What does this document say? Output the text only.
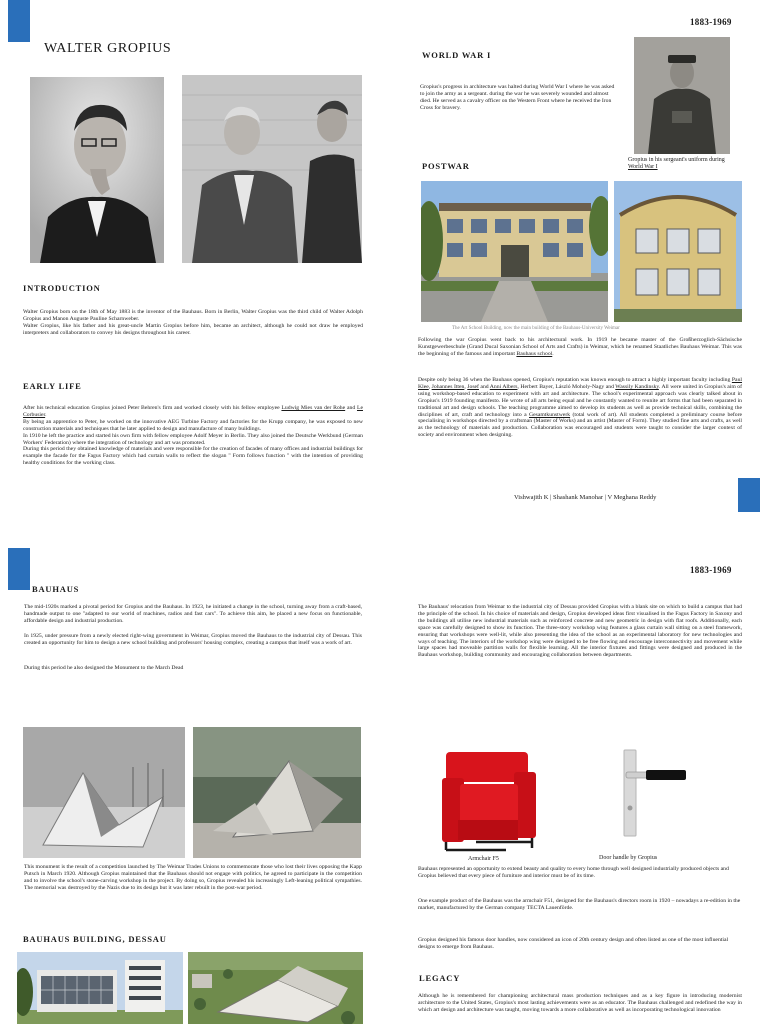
1883-1969
WALTER GROPIUS
INTRODUCTION

Walter Gropius born on the 18th of May 1883 is the inventor of the Bauhaus. Born in Berlin, Walter Gropius was the third child of Walter Adolph Gropius and Manon Auguste Pauline Scharnweber.

Walter Gropius, like his father and his great-uncle Martin Gropius before him, became an architect, although he could not draw he employed interpreters and collaborators to convey his designs throughout his career.

EARLY LIFE

After his technical education Gropius joined Peter Behren's firm and worked closely with his fellow employee Ludwig Mies van der Rohe and Le Corbusier.

By being an apprentice to Peter, he worked on the innovative AEG Turbine Factory and factories for the Krupp company, he was exposed to new construction materials and techniques that he later applied to design and manufacture of many buildings.

In 1910 he left the practice and started his own firm with fellow employee Adolf Meyer in Berlin. They also joined the Deutsche Werkbund (German Workers' Federation) where the integration of technology and art was promoted.

During this period they obtained knowledge of materials and were responsible for the creation of facades of many offices and industrial buildings for example the facade for the Fagus Factory which had curtain walls to reflect the slogan " Form follows function " with the intention of providing healthy conditions for the working class.

WORLD WAR I
Gropius's progress in architecture was halted during World War I where he was asked to join the army as a sergeant. during the war he was severely wounded and almost died. He served as a cavalry officer on the Western Front where he received the Iron Cross for bravery.
Gropius in his sergeant's uniform during
World War I
POSTWAR
The Art School Building, now the main building of the Bauhaus-University Weimar
Following the war Gropius went back to his architectural work. In 1919 he became master of the Großherzoglich-Sächsische Kunstgewerbeschule (Grand Ducal Saxonian School of Arts and Crafts) in Weimar, which he renamed Staatliches Bauhaus Weimar. This was the beginning of the famous and important Bauhaus school.
Despite only being 36 when the Bauhaus opened, Gropius's reputation was known enough to attract a highly important faculty including Paul Klee, Johannes Itten, Josef and Anni Albers, Herbert Bayer, László Moholy-Nagy and Wassily Kandinsky. All were united in Gropius's aim of using workshop-based education to experiment with art and architecture. The school's experimental approach was clearly talked about in Gropius's 1919 founding manifesto. He wrote of all arts being equal and he constantly wanted to reunite art forms that had been separated in traditional art and design schools. The teaching programme aimed to develop its students as well as provide technical skills, combining the disciplines of art, craft and technology into a Gesamtkunstwerk (total work of art). All students completed a preliminary course before specialising in workshops directed by a craftsman (Master of Works) and an artist (Master of Form). They studied fine arts and crafts, as well as the technology of materials and production. Collaboration was encouraged and students were taught to consider the larger context of society and environment when designing.
Vishwajith K | Shashank Manohar | V Meghana Reddy
1883-1969
BAUHAUS

The mid-1920s marked a pivotal period for Gropius and the Bauhaus. In 1923, he initiated a change in the school, turning away from a craft-based, handmade output to one "adapted to our world of machines, radios and fast cars". To achieve this aim, he placed a new focus on functionable, affordable design and industrial production.

In 1925, under pressure from a newly elected right-wing government in Weimar, Gropius moved the Bauhaus to the industrial city of Dessau. This created an opportunity for him to design a new school building and professors' housing complex, creating a campus that itself was a work of art.

During this period he also designed the Monument to the March Dead

This monument is the result of a competition launched by The Weimar Trades Unions to commemorate those who lost their lives opposing the Kapp Putsch in March 1920. Although Gropius maintained that the Bauhaus should not engage with politics, he agreed to participate in the competition and to involve the school's stone-carving workshop in the project. By doing so, Gropius revealed his increasingly Left-leaning political sympathies. The memorial was destroyed by the Nazis due to its design but it was later rebuilt in the post-war period.
BAUHAUS BUILDING, DESSAU
The Bauhaus' relocation from Weimar to the industrial city of Dessau provided Gropius with a blank site on which to build a campus that had the principle of the school. In his choice of materials and design, Gropius developed ideas first visualised in the Fagus Factory in Saxony and the buildings all utilise new industrial materials such as reinforced concrete and new geometric in design with flat roofs. Additionally, each space was carefully designed to show its function. The three-story workshop wing features a glass curtain wall sitting on a steel framework, ensuring that workshops were well-lit, while also presenting the idea of the school as an experimental laboratory for new technologies and ways of teaching. The interiors of the workshop wing were designed to be free flowing and encourage interconnectivity and movement while large spaces had moveable partition walls for flexible learning. All the interior fixtures and fittings were designed and produced in the Bauhaus workshop, building community and encouraging collaboration between departments.
Armchair F5	Door handle by Gropius
Bauhaus represented an opportunity to extend beauty and quality to every home through well designed industrially produced objects and Gropius believed that every piece of furniture and interior must be of its time.
One example product of the Bauhaus was the armchair F51, designed for the Bauhaus's directors room in 1920 – nowadays a re-edition in the market, manufactured by the German company TECTA Lauenförde.
Gropius designed his famous door handles, now considered an icon of 20th century design and often listed as one of the most influential designs to emerge from Bauhaus.
LEGACY
Although he is remembered for championing architectural mass production techniques and as a key figure in introducing modernist architecture to the United States, Gropius's most lasting achievements were as an educator. The Bauhaus challenged and redefined the way in which art design and architecture was taught, moving towards a more collaborative as well as incorporating technological innovation
